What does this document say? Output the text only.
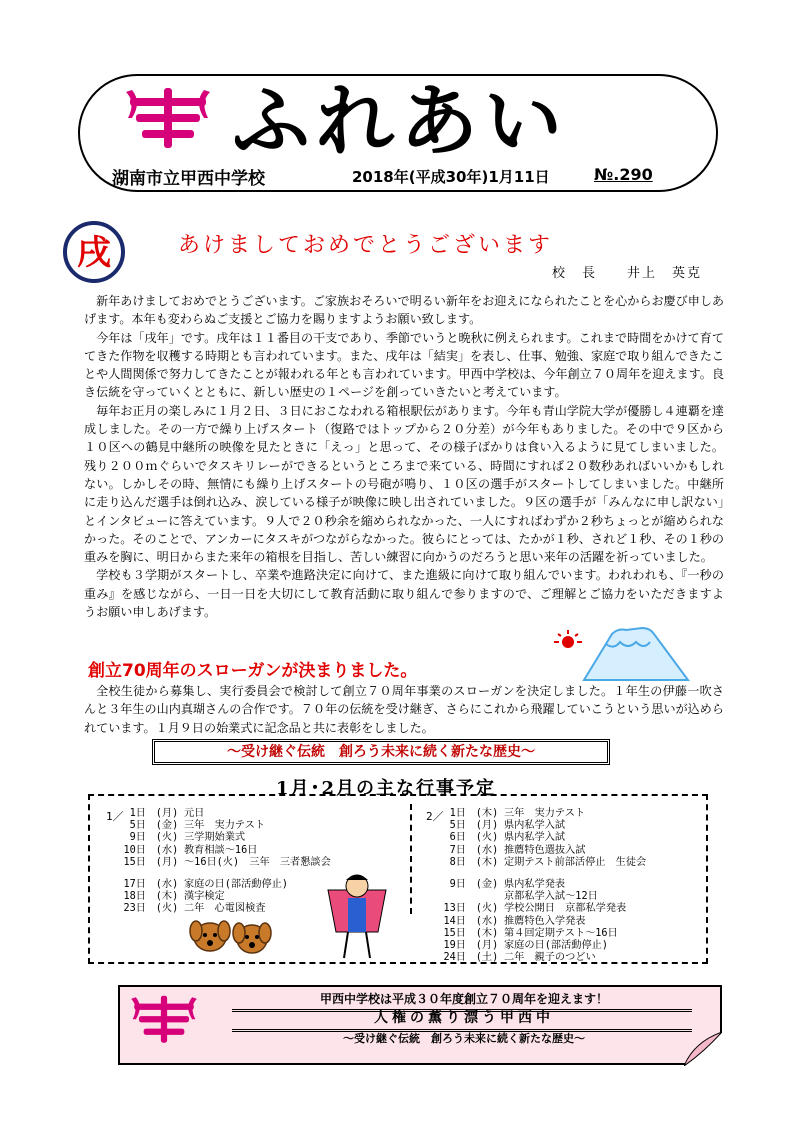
ふれあい
湖南市立甲西中学校	2018年(平成30年)1月11日	№.290
戌	あけましておめでとうございます
校　長　　井上　英克

新年あけましておめでとうございます。ご家族おそろいで明るい新年をお迎えになられたことを心からお慶び申しあげます。本年も変わらぬご支援とご協力を賜りますようお願い致します。

今年は「戌年」です。戌年は１１番目の干支であり、季節でいうと晩秋に例えられます。これまで時間をかけて育ててきた作物を収穫する時期とも言われています。また、戌年は「結実」を表し、仕事、勉強、家庭で取り組んできたことや人間関係で努力してきたことが報われる年とも言われています。甲西中学校は、今年創立７０周年を迎えます。良き伝統を守っていくとともに、新しい歴史の１ページを創っていきたいと考えています。

毎年お正月の楽しみに１月２日、３日におこなわれる箱根駅伝があります。今年も青山学院大学が優勝し４連覇を達成しました。その一方で繰り上げスタート（復路ではトップから２０分差）が今年もありました。その中で９区から１０区への鶴見中継所の映像を見たときに「えっ」と思って、その様子ばかりは食い入るように見てしまいました。残り２００ｍぐらいでタスキリレーができるというところまで来ている、時間にすれば２０数秒あればいいかもしれない。しかしその時、無情にも繰り上げスタートの号砲が鳴り、１０区の選手がスタートしてしまいました。中継所に走り込んだ選手は倒れ込み、涙している様子が映像に映し出されていました。９区の選手が「みんなに申し訳ない」とインタビューに答えています。９人で２０秒余を縮められなかった、一人にすればわずか２秒ちょっとが縮められなかった。そのことで、アンカーにタスキがつながらなかった。彼らにとっては、たかが１秒、されど１秒、その１秒の重みを胸に、明日からまた来年の箱根を目指し、苦しい練習に向かうのだろうと思い来年の活躍を祈っていました。

学校も３学期がスタートし、卒業や進路決定に向けて、また進級に向けて取り組んでいます。われわれも、『一秒の重み』を感じながら、一日一日を大切にして教育活動に取り組んで参りますので、ご理解とご協力をいただきますようお願い申しあげます。

創立70周年のスローガンが決まりました。

全校生徒から募集し、実行委員会で検討して創立７０周年事業のスローガンを決定しました。１年生の伊藤一吹さんと３年生の山内真瑚さんの合作です。７０年の伝統を受け継ぎ、さらにこれから飛躍していこうという思いが込められています。１月９日の始業式に記念品と共に表彰をしました。

～受け継ぐ伝統　創ろう未来に続く新たな歴史～
1月･2月の主な行事予定
1／	2／
1日 (月) 元日
5日 (金) 三年　実力テスト
9日 (火) 三学期始業式
10日 (水) 教育相談～16日
15日 (月) ～16日(火)　三年　三者懇談会
17日 (水) 家庭の日(部活動停止)
18日 (木) 漢字検定
23日 (火) 二年　心電図検査
1日 (木) 三年　実力テスト
5日 (月) 県内私学入試
6日 (火) 県内私学入試
7日 (水) 推薦特色選抜入試
8日 (木) 定期テスト前部活停止　生徒会
9日 (金) 県内私学発表
京都私学入試～12日
13日 (火) 学校公開日　京都私学発表
14日 (水) 推薦特色入学発表
15日 (木) 第４回定期テスト～16日
19日 (月) 家庭の日(部活動停止)
24日 (土) 二年　親子のつどい
甲西中学校は平成３０年度創立７０周年を迎えます！
人権の薫り漂う甲西中
～受け継ぐ伝統　創ろう未来に続く新たな歴史～
